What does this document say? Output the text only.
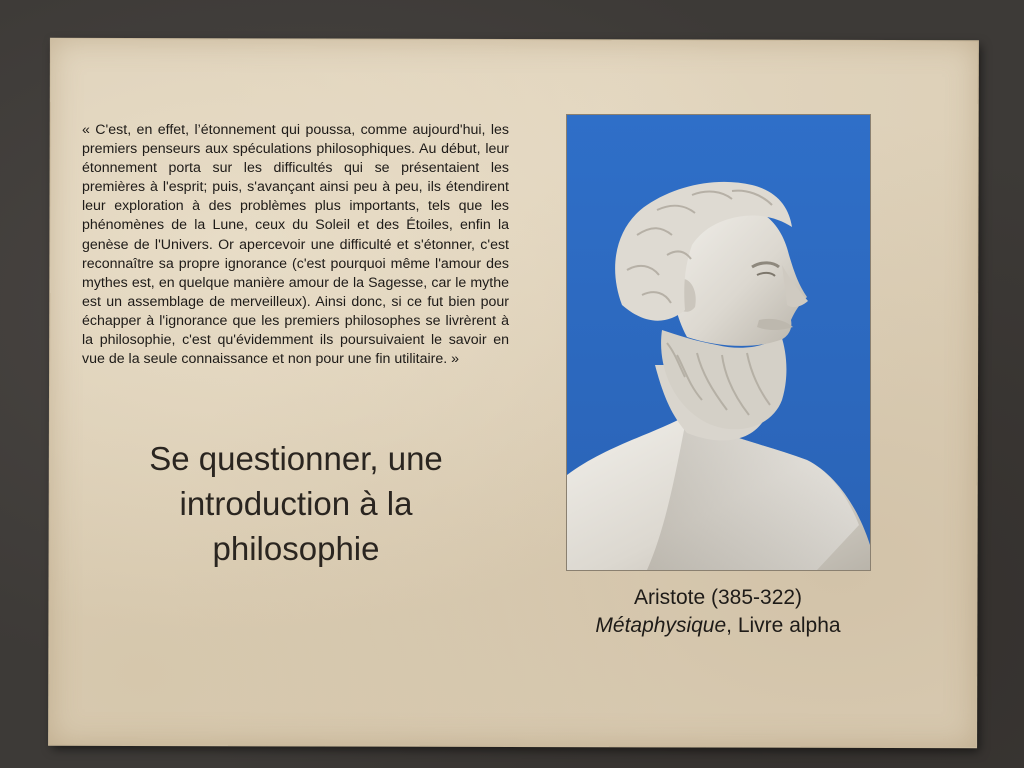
« C'est, en effet, l’étonnement qui poussa, comme aujourd'hui, les premiers penseurs aux spéculations philosophiques. Au début, leur étonnement porta sur les difficultés qui se présentaient les premières à l'esprit; puis, s'avançant ainsi peu à peu, ils étendirent leur exploration à des problèmes plus importants, tels que les phénomènes de la Lune, ceux du Soleil et des Étoiles, enfin la genèse de l'Univers. Or apercevoir une difficulté et s'étonner, c'est reconnaître sa propre ignorance (c'est pourquoi même l'amour des mythes est, en quelque manière amour de la Sagesse, car le mythe est un assemblage de merveilleux). Ainsi donc, si ce fut bien pour échapper à l'ignorance que les premiers philosophes se livrèrent à la philosophie, c'est qu'évidemment ils poursuivaient le savoir en vue de la seule connaissance et non pour une fin utilitaire. »

Se questionner, une introduction à la philosophie
Aristote (385-322)
Métaphysique, Livre alpha
